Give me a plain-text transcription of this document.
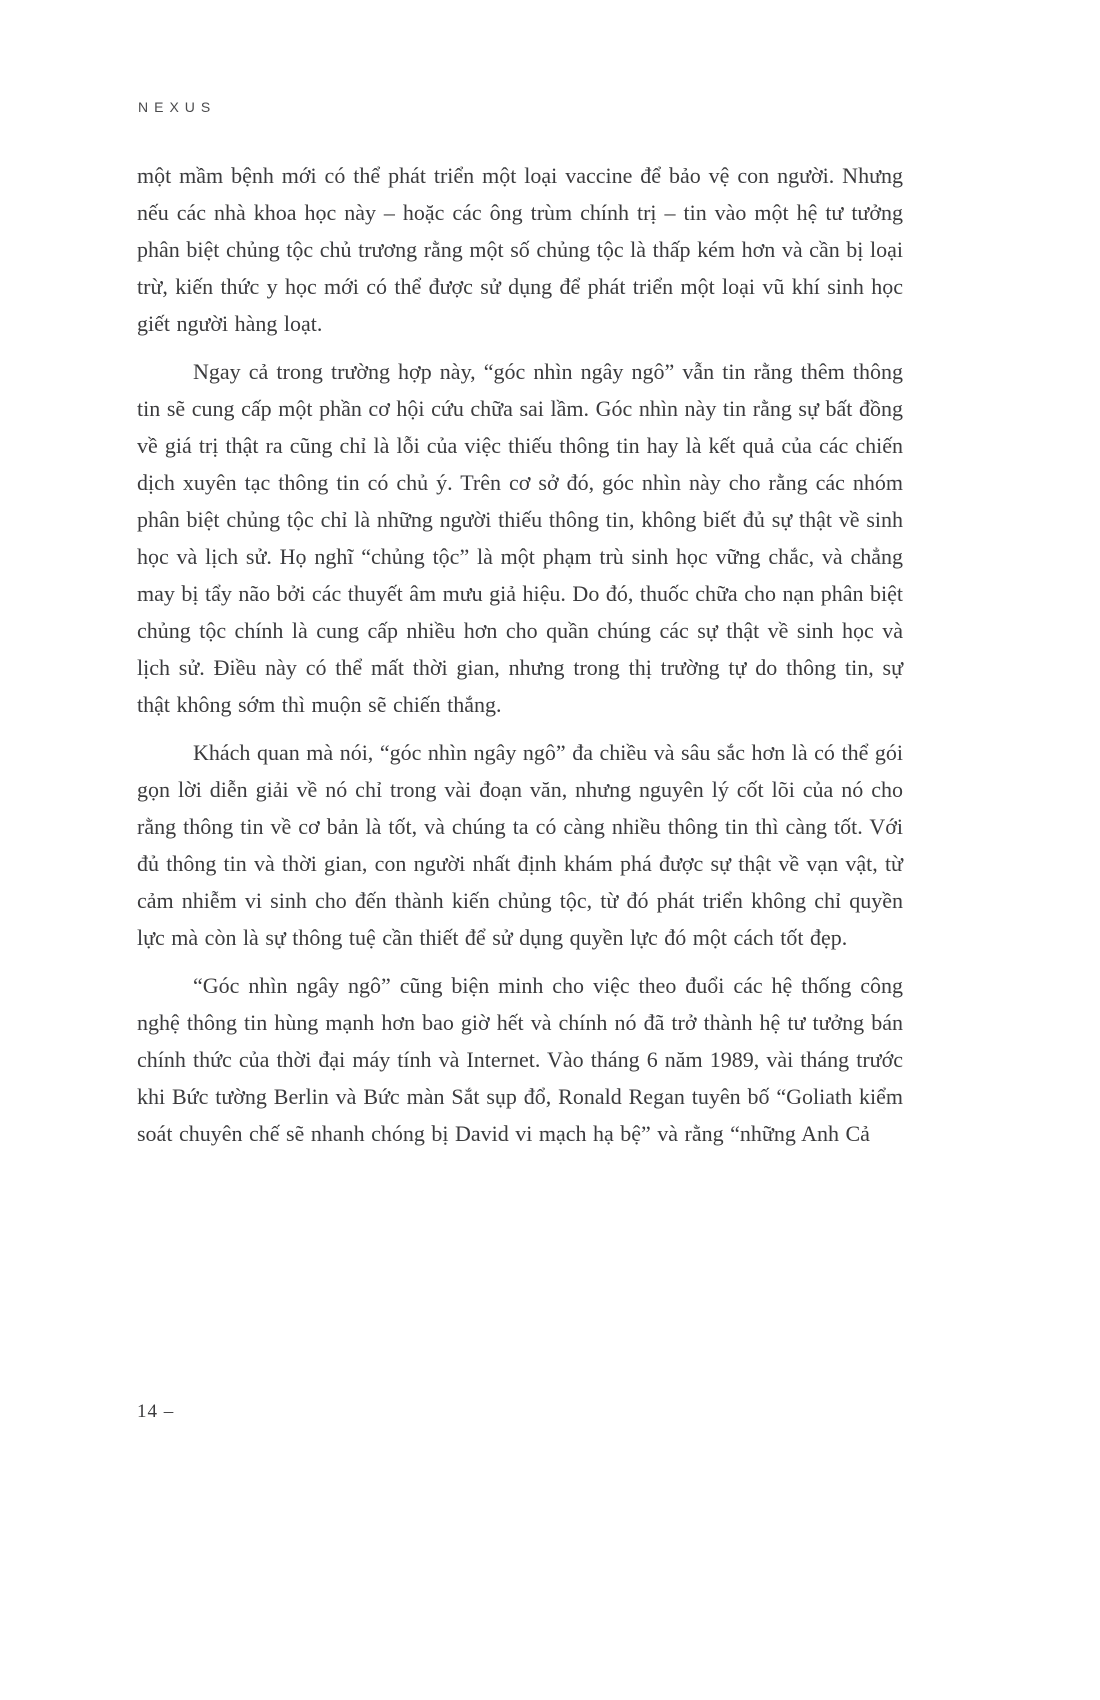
NEXUS

một mầm bệnh mới có thể phát triển một loại vaccine để bảo vệ con người. Nhưng nếu các nhà khoa học này – hoặc các ông trùm chính trị – tin vào một hệ tư tưởng phân biệt chủng tộc chủ trương rằng một số chủng tộc là thấp kém hơn và cần bị loại trừ, kiến thức y học mới có thể được sử dụng để phát triển một loại vũ khí sinh học giết người hàng loạt.

Ngay cả trong trường hợp này, “góc nhìn ngây ngô” vẫn tin rằng thêm thông tin sẽ cung cấp một phần cơ hội cứu chữa sai lầm. Góc nhìn này tin rằng sự bất đồng về giá trị thật ra cũng chỉ là lỗi của việc thiếu thông tin hay là kết quả của các chiến dịch xuyên tạc thông tin có chủ ý. Trên cơ sở đó, góc nhìn này cho rằng các nhóm phân biệt chủng tộc chỉ là những người thiếu thông tin, không biết đủ sự thật về sinh học và lịch sử. Họ nghĩ “chủng tộc” là một phạm trù sinh học vững chắc, và chẳng may bị tẩy não bởi các thuyết âm mưu giả hiệu. Do đó, thuốc chữa cho nạn phân biệt chủng tộc chính là cung cấp nhiều hơn cho quần chúng các sự thật về sinh học và lịch sử. Điều này có thể mất thời gian, nhưng trong thị trường tự do thông tin, sự thật không sớm thì muộn sẽ chiến thắng.

Khách quan mà nói, “góc nhìn ngây ngô” đa chiều và sâu sắc hơn là có thể gói gọn lời diễn giải về nó chỉ trong vài đoạn văn, nhưng nguyên lý cốt lõi của nó cho rằng thông tin về cơ bản là tốt, và chúng ta có càng nhiều thông tin thì càng tốt. Với đủ thông tin và thời gian, con người nhất định khám phá được sự thật về vạn vật, từ cảm nhiễm vi sinh cho đến thành kiến chủng tộc, từ đó phát triển không chỉ quyền lực mà còn là sự thông tuệ cần thiết để sử dụng quyền lực đó một cách tốt đẹp.

“Góc nhìn ngây ngô” cũng biện minh cho việc theo đuổi các hệ thống công nghệ thông tin hùng mạnh hơn bao giờ hết và chính nó đã trở thành hệ tư tưởng bán chính thức của thời đại máy tính và Internet. Vào tháng 6 năm 1989, vài tháng trước khi Bức tường Berlin và Bức màn Sắt sụp đổ, Ronald Regan tuyên bố “Goliath kiểm soát chuyên chế sẽ nhanh chóng bị David vi mạch hạ bệ” và rằng “những Anh Cả

14 –
